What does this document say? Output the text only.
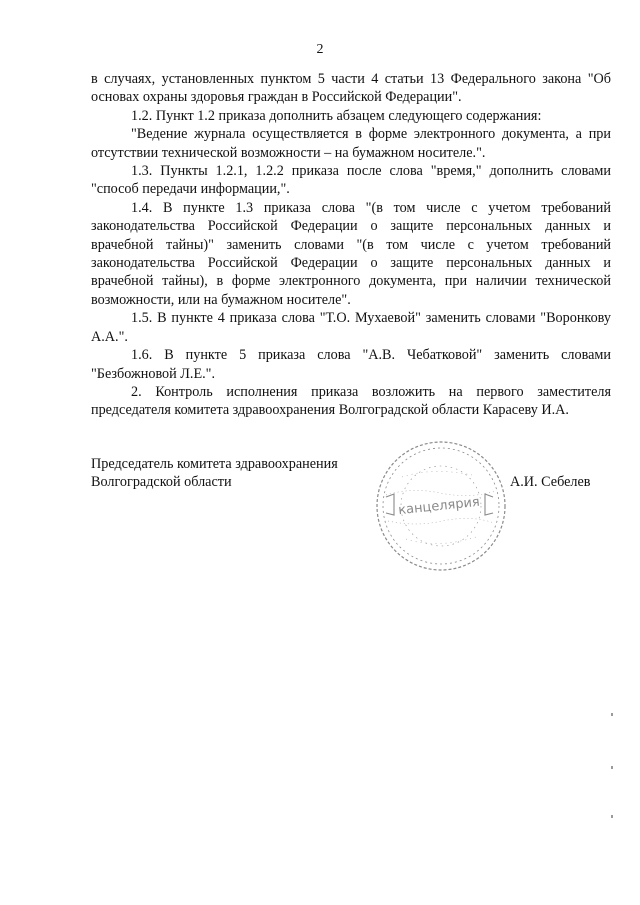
2

в случаях, установленных пунктом 5 части 4 статьи 13 Федерального закона "Об основах охраны здоровья граждан в Российской Федерации".

1.2. Пункт 1.2 приказа дополнить абзацем следующего содержания:

"Ведение журнала осуществляется в форме электронного документа, а при отсутствии технической возможности – на бумажном носителе.".

1.3. Пункты 1.2.1, 1.2.2 приказа после слова "время," дополнить словами "способ передачи информации,".

1.4. В пункте 1.3 приказа слова "(в том числе с учетом требований законодательства Российской Федерации о защите персональных данных и врачебной тайны)" заменить словами "(в том числе с учетом требований законодательства Российской Федерации о защите персональных данных и врачебной тайны), в форме электронного документа, при наличии технической возможности, или на бумажном носителе".

1.5. В пункте 4 приказа слова "Т.О. Мухаевой" заменить словами "Воронкову А.А.".

1.6. В пункте 5 приказа слова "А.В. Чебатковой" заменить словами "Безбожновой Л.Е.".

2. Контроль исполнения приказа возложить на первого заместителя председателя комитета здравоохранения Волгоградской области Карасеву И.А.

Председатель комитета здравоохранения
Волгоградской области
канцелярия
А.И. Себелев
